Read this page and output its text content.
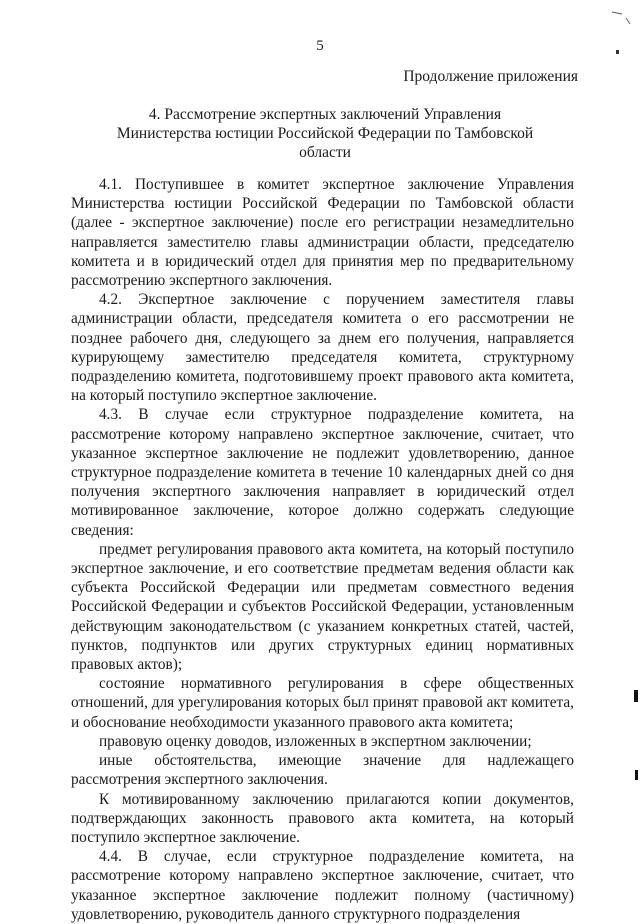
5
Продолжение приложения
4. Рассмотрение экспертных заключений Управления
Министерства юстиции Российской Федерации по Тамбовской
области

4.1. Поступившее в комитет экспертное заключение Управления Министерства юстиции Российской Федерации по Тамбовской области (далее - экспертное заключение) после его регистрации незамедлительно направляется заместителю главы администрации области, председателю комитета и в юридический отдел для принятия мер по предварительному рассмотрению экспертного заключения.

4.2. Экспертное заключение с поручением заместителя главы администрации области, председателя комитета о его рассмотрении не позднее рабочего дня, следующего за днем его получения, направляется курирующему заместителю председателя комитета, структурному подразделению комитета, подготовившему проект правового акта комитета, на который поступило экспертное заключение.

4.3. В случае если структурное подразделение комитета, на рассмотрение которому направлено экспертное заключение, считает, что указанное экспертное заключение не подлежит удовлетворению, данное структурное подразделение комитета в течение 10 календарных дней со дня получения экспертного заключения направляет в юридический отдел мотивированное заключение, которое должно содержать следующие сведения:

предмет регулирования правового акта комитета, на который поступило экспертное заключение, и его соответствие предметам ведения области как субъекта Российской Федерации или предметам совместного ведения Российской Федерации и субъектов Российской Федерации, установленным действующим законодательством (с указанием конкретных статей, частей, пунктов, подпунктов или других структурных единиц нормативных правовых актов);

состояние нормативного регулирования в сфере общественных отношений, для урегулирования которых был принят правовой акт комитета, и обоснование необходимости указанного правового акта комитета;

правовую оценку доводов, изложенных в экспертном заключении;

иные обстоятельства, имеющие значение для надлежащего рассмотрения экспертного заключения.

К мотивированному заключению прилагаются копии документов, подтверждающих законность правового акта комитета, на который поступило экспертное заключение.

4.4. В случае, если структурное подразделение комитета, на рассмотрение которому направлено экспертное заключение, считает, что указанное экспертное заключение подлежит полному (частичному) удовлетворению, руководитель данного структурного подразделения
